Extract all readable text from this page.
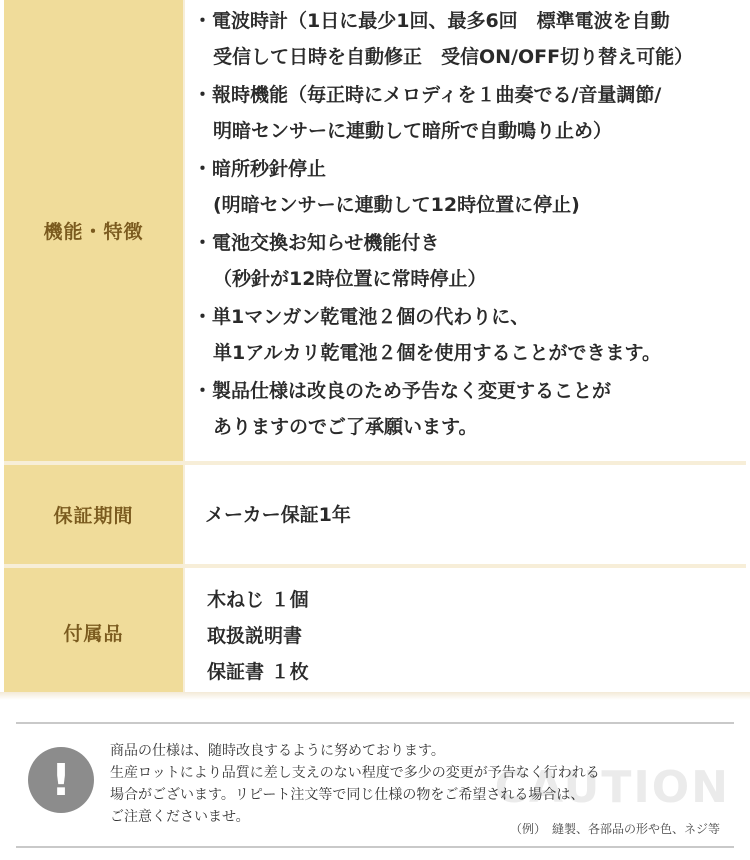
機能・特徴

・電波時計（1日に最少1回、最多6回　標準電波を自動
受信して日時を自動修正　受信ON/OFF切り替え可能）

・報時機能（毎正時にメロディを１曲奏でる/音量調節/
明暗センサーに連動して暗所で自動鳴り止め）

・暗所秒針停止
(明暗センサーに連動して12時位置に停止)

・電池交換お知らせ機能付き
（秒針が12時位置に常時停止）

・単1マンガン乾電池２個の代わりに、
単1アルカリ乾電池２個を使用することができます。

・製品仕様は改良のため予告なく変更することが
ありますのでご了承願います。

保証期間	メーカー保証1年
付属品
木ねじ １個
取扱説明書
保証書 １枚
CAUTION
!
商品の仕様は、随時改良するように努めております。
生産ロットにより品質に差し支えのない程度で多少の変更が予告なく行われる
場合がございます。リピート注文等で同じ仕様の物をご希望される場合は、
ご注意くださいませ。
（例）　縫製、各部品の形や色、ネジ等
